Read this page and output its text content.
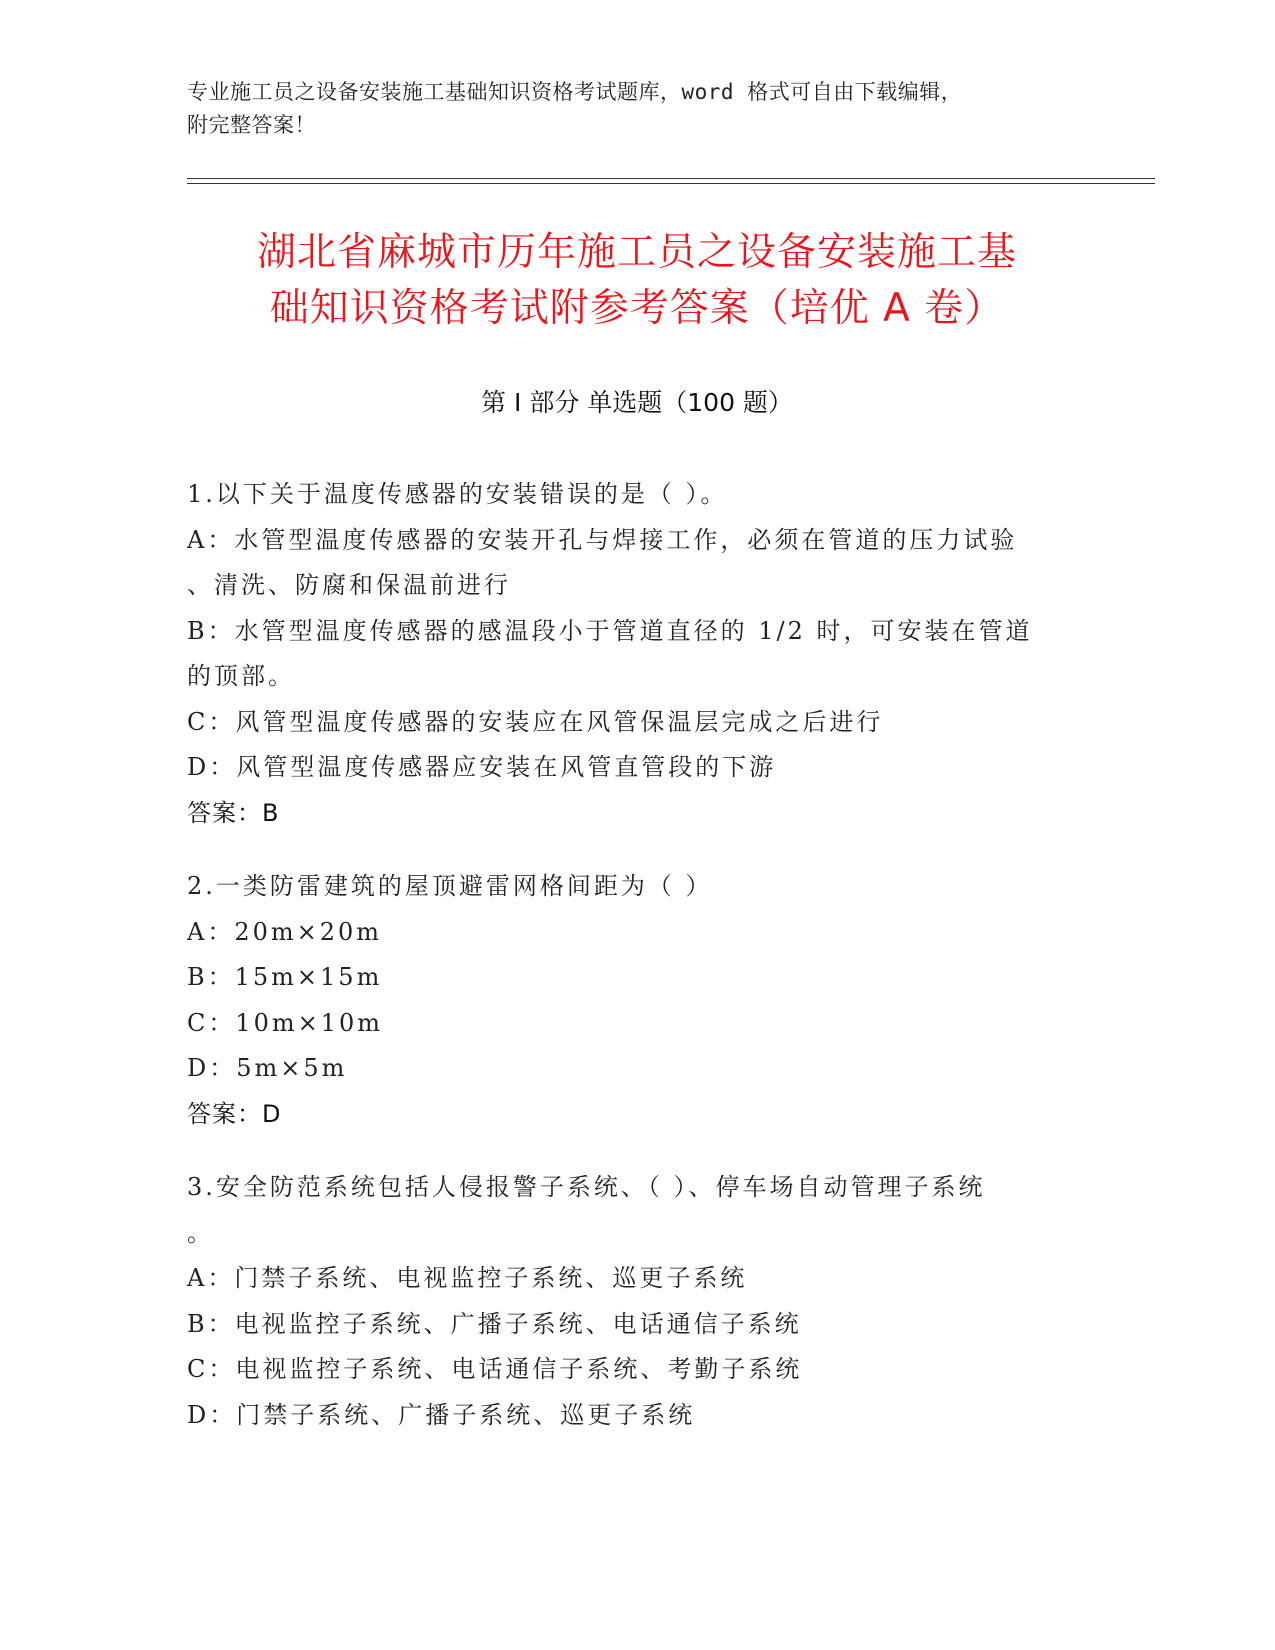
专业施工员之设备安装施工基础知识资格考试题库，word 格式可自由下载编辑，
附完整答案！
湖北省麻城市历年施工员之设备安装施工基
础知识资格考试附参考答案（培优 A 卷）
第 I 部分 单选题（100 题）
1.以下关于温度传感器的安装错误的是（ ）。
A：水管型温度传感器的安装开孔与焊接工作，必须在管道的压力试验
、清洗、防腐和保温前进行
B：水管型温度传感器的感温段小于管道直径的 1/2 时，可安装在管道
的顶部。
C：风管型温度传感器的安装应在风管保温层完成之后进行
D：风管型温度传感器应安装在风管直管段的下游
答案：B
2.一类防雷建筑的屋顶避雷网格间距为（ ）
A：20m×20m
B：15m×15m
C：10m×10m
D：5m×5m
答案：D
3.安全防范系统包括人侵报警子系统、（ ）、停车场自动管理子系统
。
A：门禁子系统、电视监控子系统、巡更子系统
B：电视监控子系统、广播子系统、电话通信子系统
C：电视监控子系统、电话通信子系统、考勤子系统
D：门禁子系统、广播子系统、巡更子系统
